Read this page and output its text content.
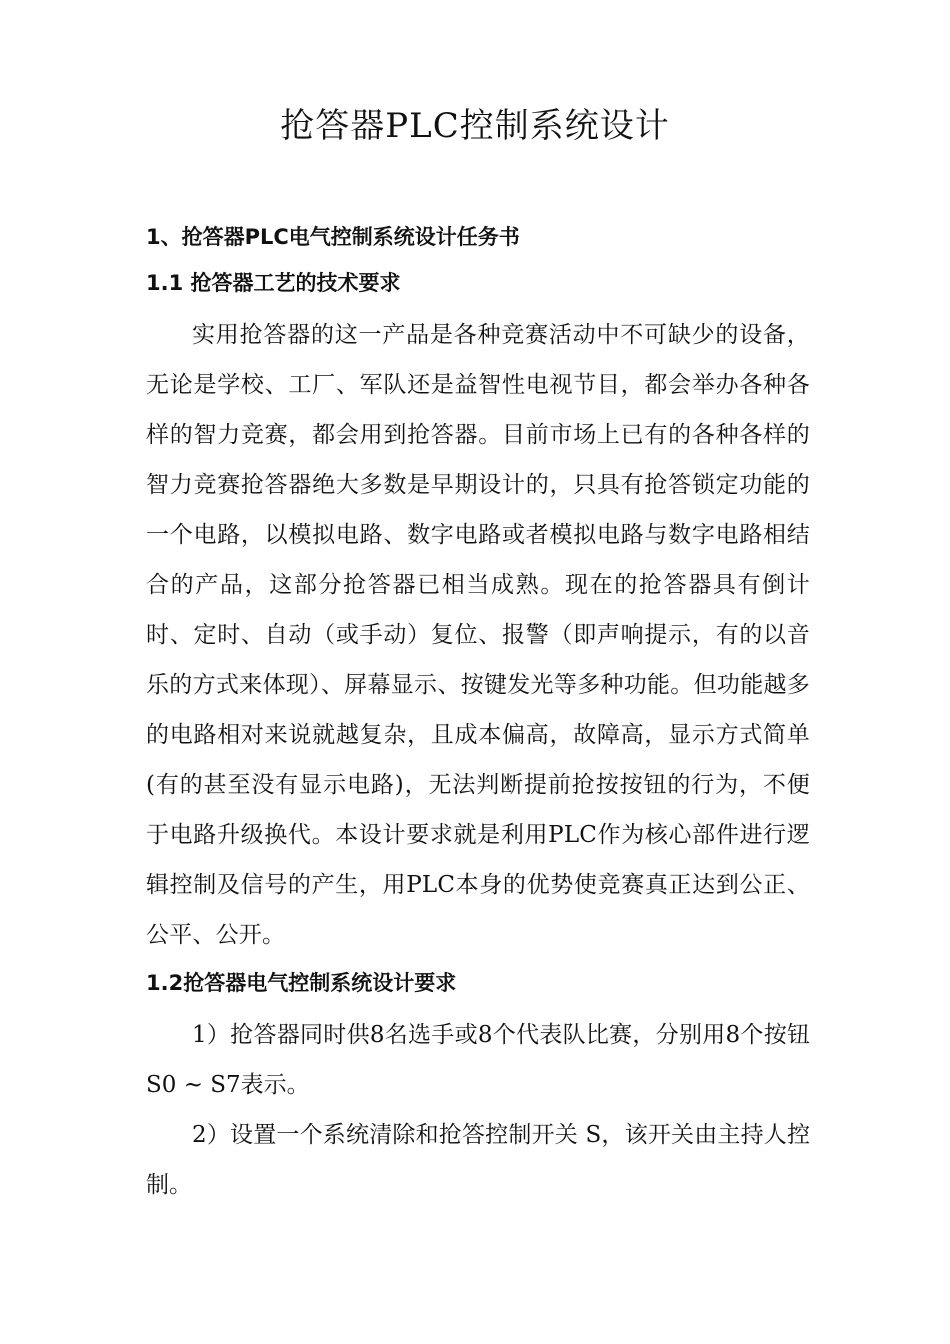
抢答器PLC控制系统设计
1、抢答器PLC电气控制系统设计任务书
1.1 抢答器工艺的技术要求

实用抢答器的这一产品是各种竞赛活动中不可缺少的设备，无论是学校、工厂、军队还是益智性电视节目，都会举办各种各样的智力竞赛，都会用到抢答器。目前市场上已有的各种各样的智力竞赛抢答器绝大多数是早期设计的，只具有抢答锁定功能的一个电路，以模拟电路、数字电路或者模拟电路与数字电路相结合的产品，这部分抢答器已相当成熟。现在的抢答器具有倒计时、定时、自动（或手动）复位、报警（即声响提示，有的以音乐的方式来体现）、屏幕显示、按键发光等多种功能。但功能越多的电路相对来说就越复杂，且成本偏高，故障高，显示方式简单(有的甚至没有显示电路)，无法判断提前抢按按钮的行为，不便于电路升级换代。本设计要求就是利用PLC作为核心部件进行逻辑控制及信号的产生，用PLC本身的优势使竞赛真正达到公正、公平、公开。

1.2抢答器电气控制系统设计要求

1）抢答器同时供8名选手或8个代表队比赛，分别用8个按钮S0 ~ S7表示。

2）设置一个系统清除和抢答控制开关 S，该开关由主持人控制。
